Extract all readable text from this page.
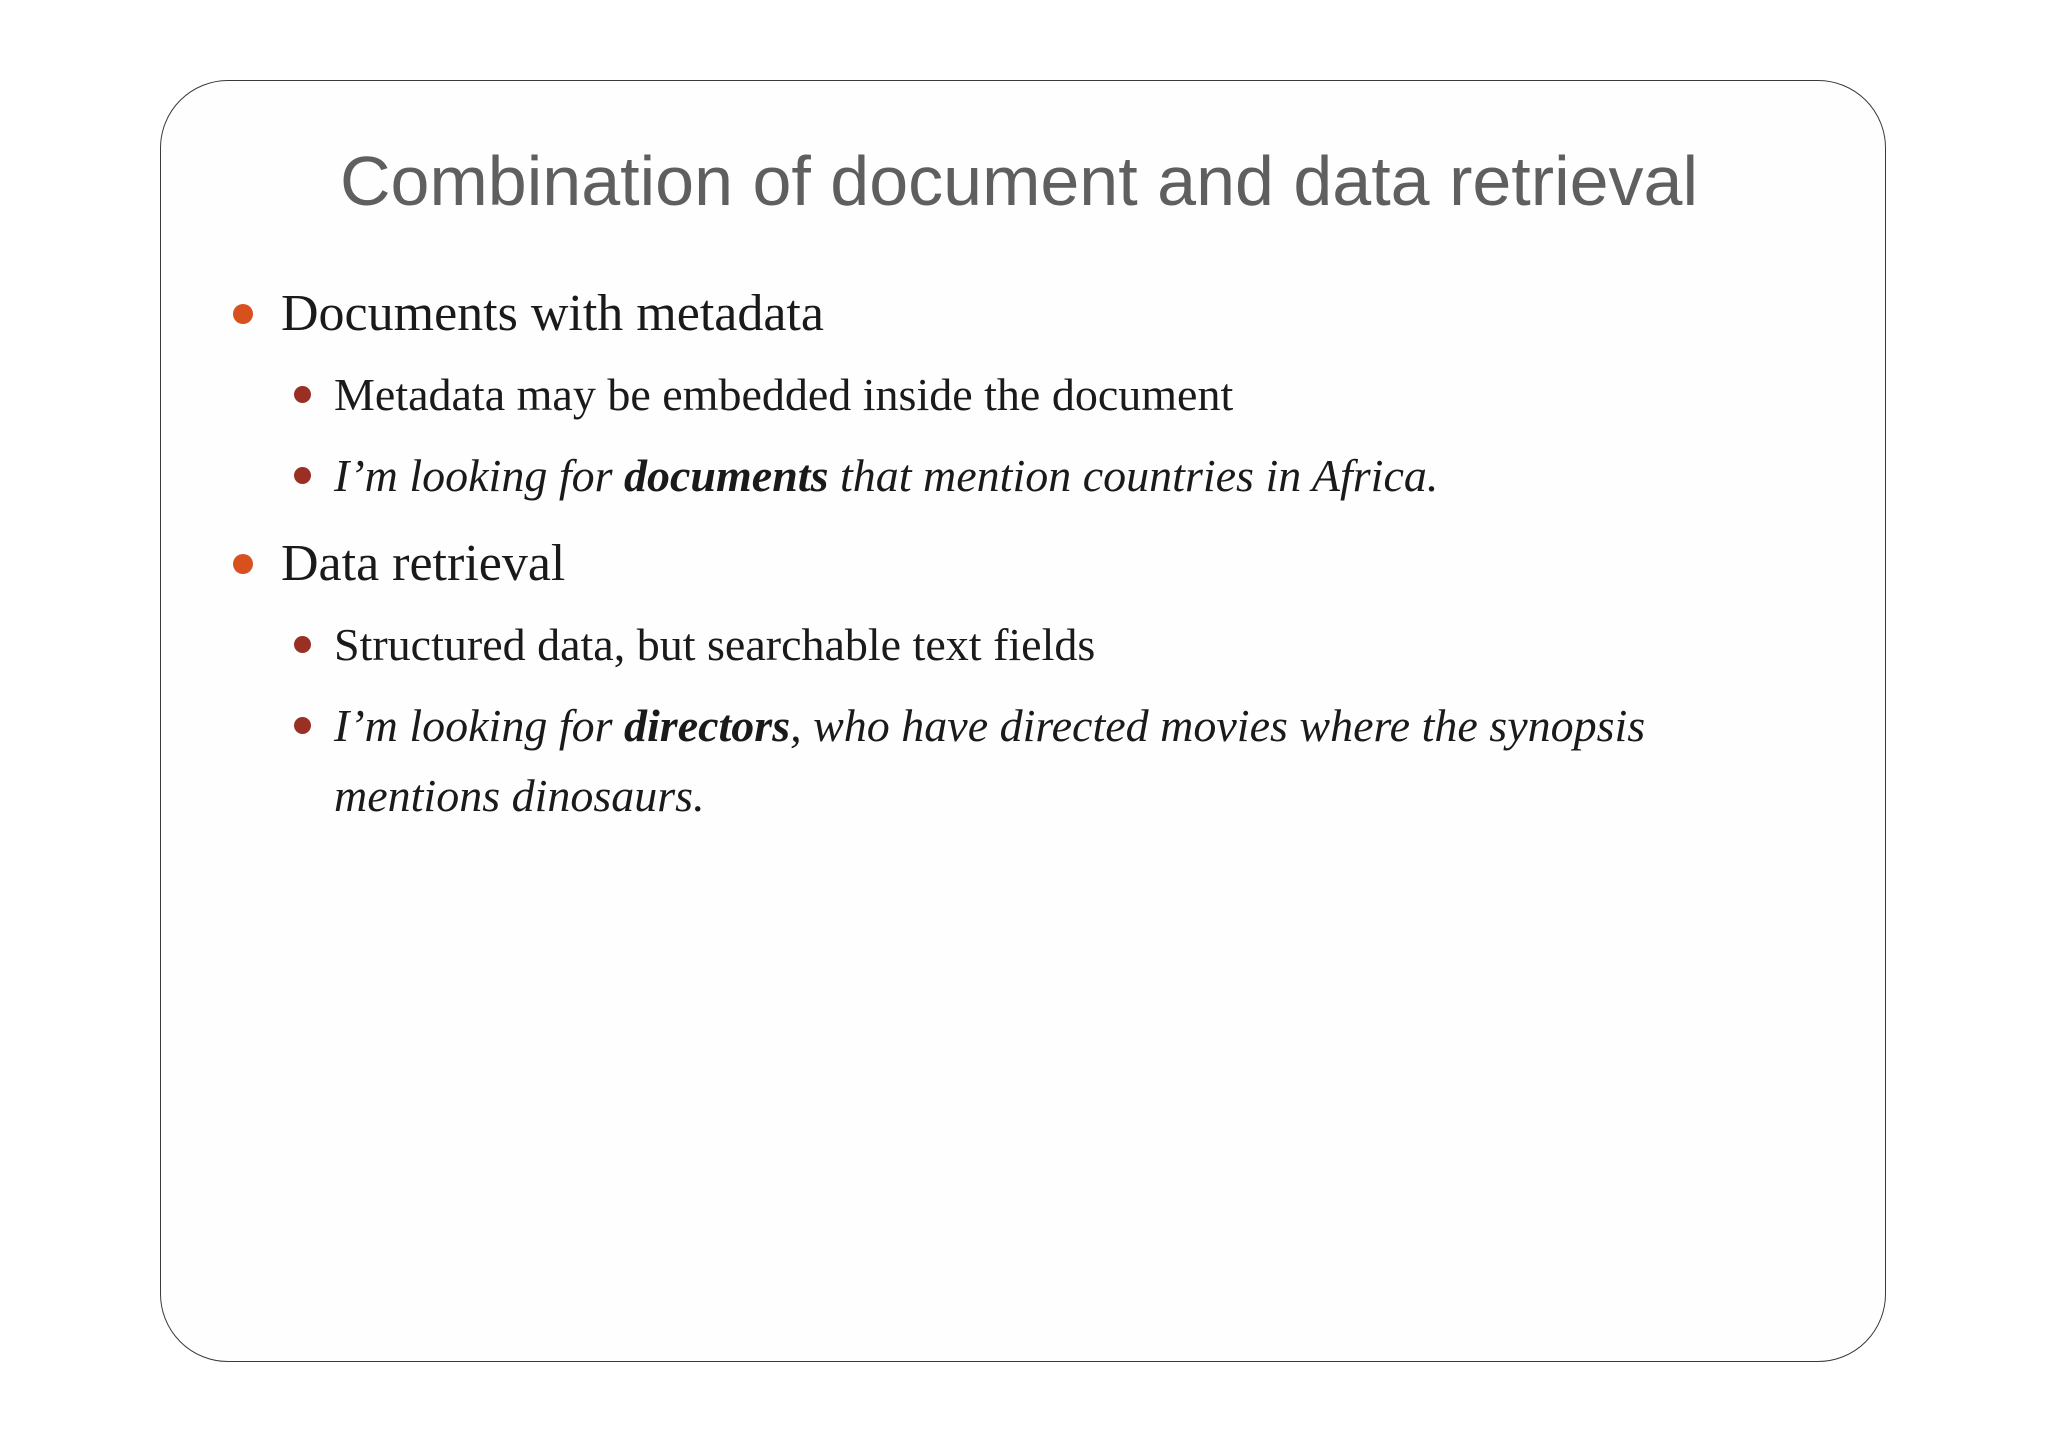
Combination of document and data retrieval
Documents with metadata
Metadata may be embedded inside the document
I’m looking for documents that mention countries in Africa.
Data retrieval
Structured data, but searchable text fields
I’m looking for directors, who have directed movies where the synopsis
mentions dinosaurs.
